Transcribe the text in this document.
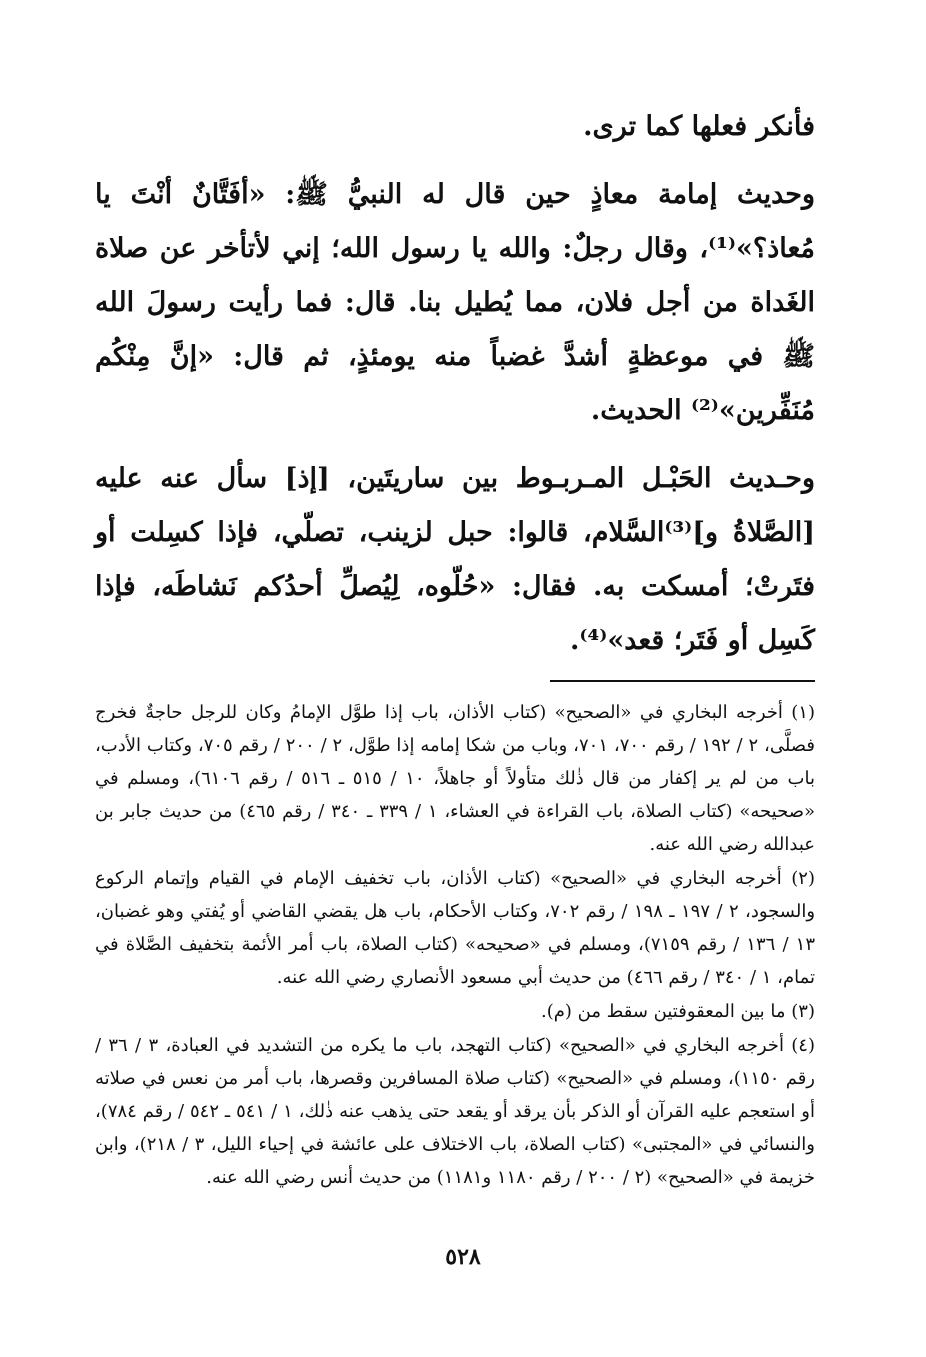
فأنكر فعلها كما ترى.

وحديث إمامة معاذٍ حين قال له النبيُّ ﷺ: «أفَتَّانٌ أنْتَ يا مُعاذ؟»⁽¹⁾، وقال رجلٌ: والله يا رسول الله؛ إني لأتأخر عن صلاة الغَداة من أجل فلان، مما يُطيل بنا. قال: فما رأيت رسولَ الله ﷺ في موعظةٍ أشدَّ غضباً منه يومئذٍ، ثم قال: «إنَّ مِنْكُم مُنَفِّرين»⁽²⁾ الحديث.

وحـديث الحَبْـل المـربـوط بين ساريتَين، [إذ] سأل عنه عليه [الصَّلاةُ و]⁽³⁾السَّلام، قالوا: حبل لزينب، تصلّي، فإذا كسِلت أو فتَرتْ؛ أمسكت به. فقال: «حُلّوه، لِيُصلِّ أحدُكم نَشاطَه، فإذا كَسِل أو فَتَر؛ قعد»⁽⁴⁾.

(١) أخرجه البخاري في «الصحيح» (كتاب الأذان، باب إذا طوَّل الإمامُ وكان للرجل حاجةٌ فخرج فصلَّى، ٢ / ١٩٢ / رقم ٧٠٠، ٧٠١، وباب من شكا إمامه إذا طوَّل، ٢ / ٢٠٠ / رقم ٧٠٥، وكتاب الأدب، باب من لم ير إكفار من قال ذٰلك متأولاً أو جاهلاً، ١٠ / ٥١٥ ـ ٥١٦ / رقم ٦١٠٦)، ومسلم في «صحيحه» (كتاب الصلاة، باب القراءة في العشاء، ١ / ٣٣٩ ـ ٣٤٠ / رقم ٤٦٥) من حديث جابر بن عبدالله رضي الله عنه.

(٢) أخرجه البخاري في «الصحيح» (كتاب الأذان، باب تخفيف الإمام في القيام وإتمام الركوع والسجود، ٢ / ١٩٧ ـ ١٩٨ / رقم ٧٠٢، وكتاب الأحكام، باب هل يقضي القاضي أو يُفتي وهو غضبان، ١٣ / ١٣٦ / رقم ٧١٥٩)، ومسلم في «صحيحه» (كتاب الصلاة، باب أمر الأئمة بتخفيف الصَّلاة في تمام، ١ / ٣٤٠ / رقم ٤٦٦) من حديث أبي مسعود الأنصاري رضي الله عنه.

(٣) ما بين المعقوفتين سقط من (م).

(٤) أخرجه البخاري في «الصحيح» (كتاب التهجد، باب ما يكره من التشديد في العبادة، ٣ / ٣٦ / رقم ١١٥٠)، ومسلم في «الصحيح» (كتاب صلاة المسافرين وقصرها، باب أمر من نعس في صلاته أو استعجم عليه القرآن أو الذكر بأن يرقد أو يقعد حتى يذهب عنه ذٰلك، ١ / ٥٤١ ـ ٥٤٢ / رقم ٧٨٤)، والنسائي في «المجتبى» (كتاب الصلاة، باب الاختلاف على عائشة في إحياء الليل، ٣ / ٢١٨)، وابن خزيمة في «الصحيح» (٢ / ٢٠٠ / رقم ١١٨٠ و١١٨١) من حديث أنس رضي الله عنه.

٥٢٨
